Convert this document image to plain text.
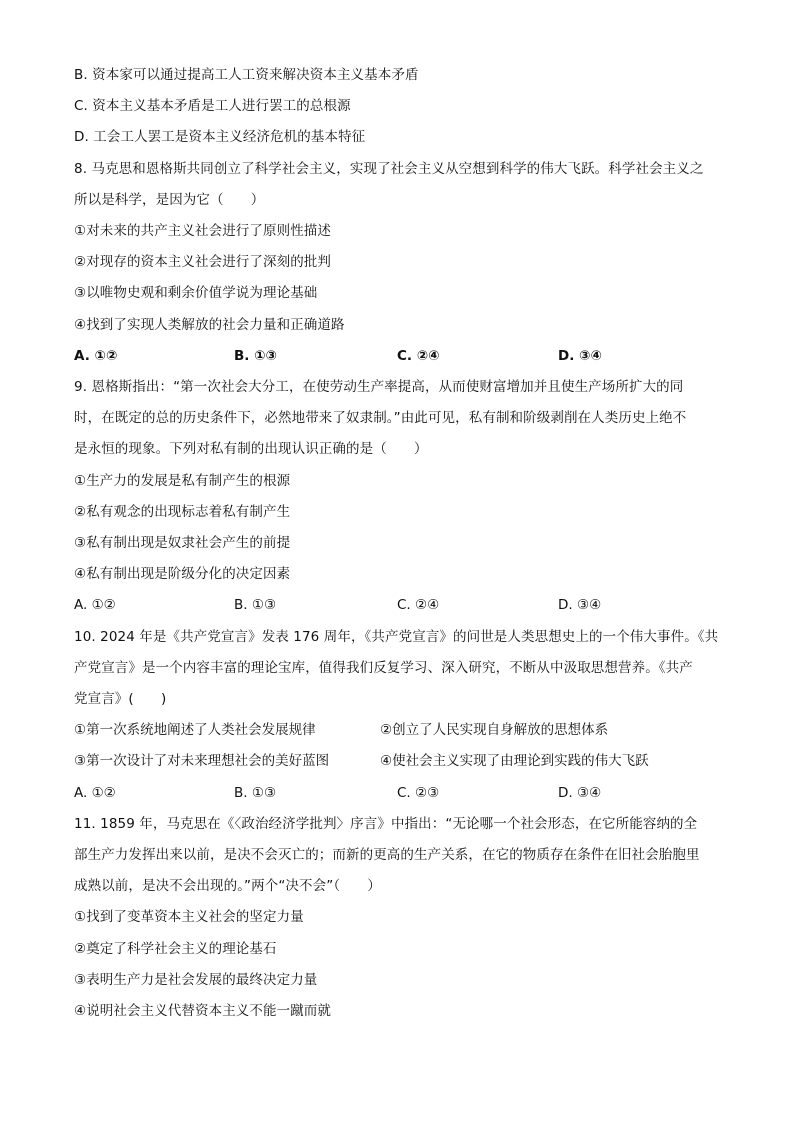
B. 资本家可以通过提高工人工资来解决资本主义基本矛盾
C. 资本主义基本矛盾是工人进行罢工的总根源
D. 工会工人罢工是资本主义经济危机的基本特征
8. 马克思和恩格斯共同创立了科学社会主义，实现了社会主义从空想到科学的伟大飞跃。科学社会主义之
所以是科学，是因为它（　　）
①对未来的共产主义社会进行了原则性描述
②对现存的资本主义社会进行了深刻的批判
③以唯物史观和剩余价值学说为理论基础
④找到了实现人类解放的社会力量和正确道路
A. ①②	B. ①③	C. ②④	D. ③④
9. 恩格斯指出：“第一次社会大分工，在使劳动生产率提高，从而使财富增加并且使生产场所扩大的同
时，在既定的总的历史条件下，必然地带来了奴隶制。”由此可见，私有制和阶级剥削在人类历史上绝不
是永恒的现象。下列对私有制的出现认识正确的是（　　）
①生产力的发展是私有制产生的根源
②私有观念的出现标志着私有制产生
③私有制出现是奴隶社会产生的前提
④私有制出现是阶级分化的决定因素
A. ①②	B. ①③	C. ②④	D. ③④
10. 2024 年是《共产党宣言》发表 176 周年，《共产党宣言》的问世是人类思想史上的一个伟大事件。《共
产党宣言》是一个内容丰富的理论宝库，值得我们反复学习、深入研究，不断从中汲取思想营养。《共产
党宣言》(　　)
①第一次系统地阐述了人类社会发展规律	②创立了人民实现自身解放的思想体系
③第一次设计了对未来理想社会的美好蓝图	④使社会主义实现了由理论到实践的伟大飞跃
A. ①②	B. ①③	C. ②③	D. ③④
11. 1859 年，马克思在《〈政治经济学批判〉序言》中指出：“无论哪一个社会形态，在它所能容纳的全
部生产力发挥出来以前，是决不会灭亡的；而新的更高的生产关系，在它的物质存在条件在旧社会胎胞里
成熟以前，是决不会出现的。”两个“决不会”（　　）
①找到了变革资本主义社会的坚定力量
②奠定了科学社会主义的理论基石
③表明生产力是社会发展的最终决定力量
④说明社会主义代替资本主义不能一蹴而就
